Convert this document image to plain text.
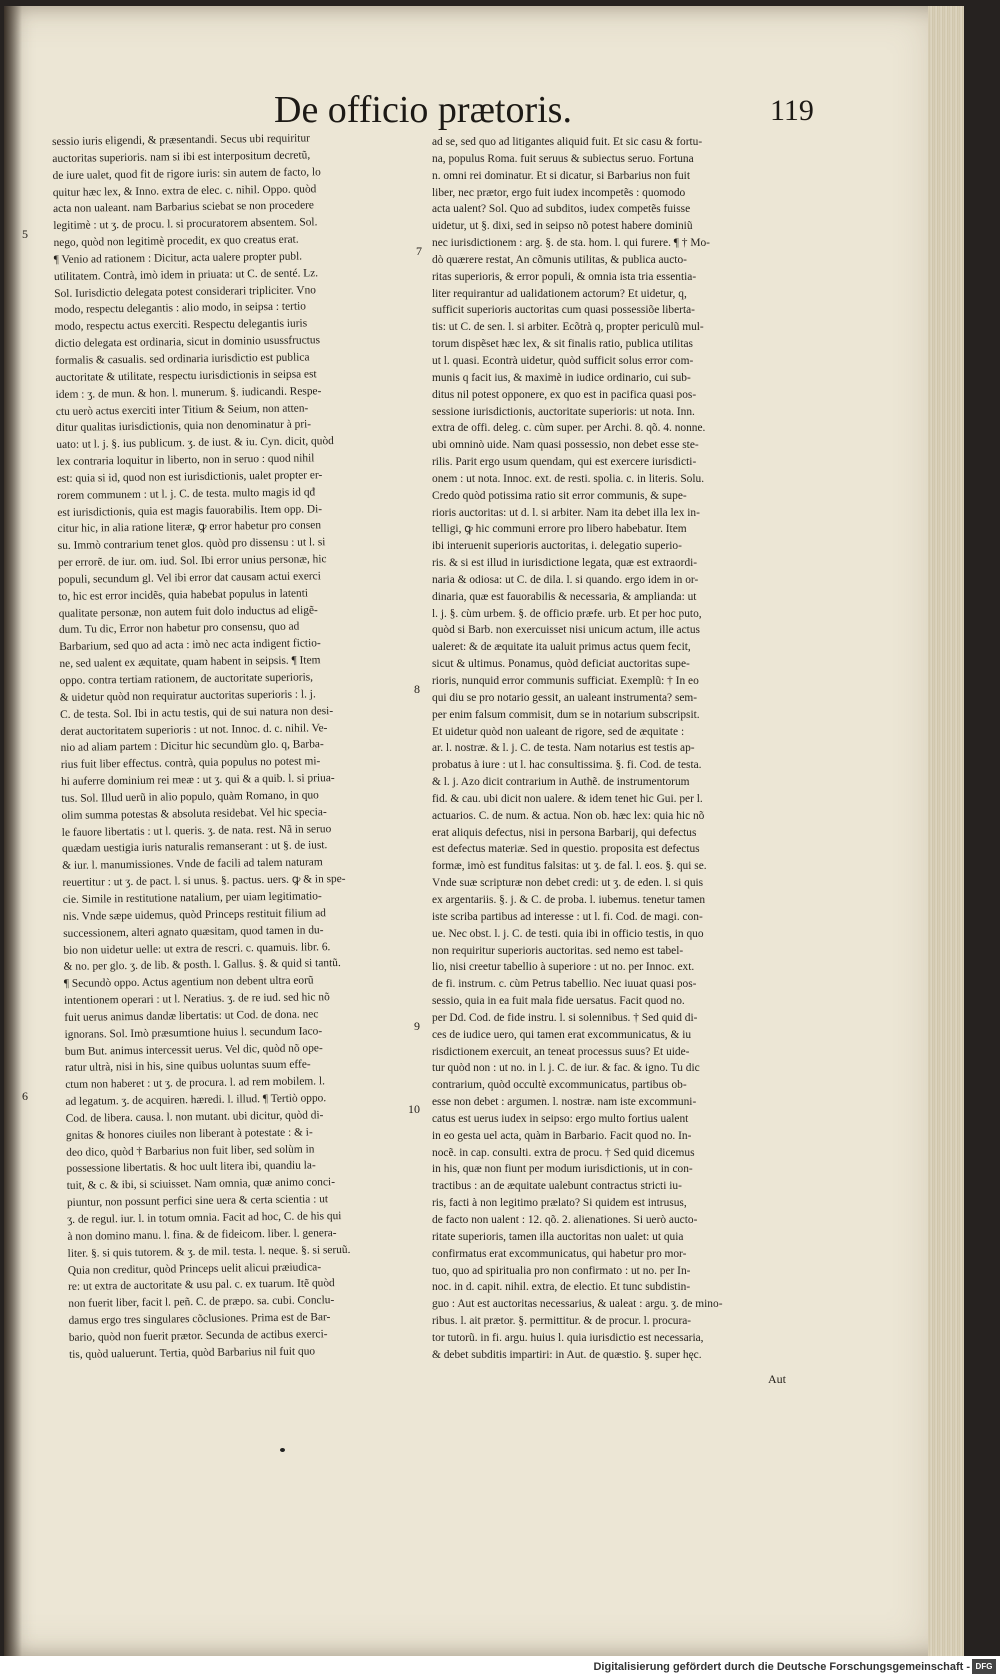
De officio prætoris.	119
sessio iuris eligendi, & præsentandi. Secus ubi requiritur
auctoritas superioris. nam si ibi est interpositum decretũ,
de iure ualet, quod fit de rigore iuris: sin autem de facto, lo
quitur hæc lex, & Inno. extra de elec. c. nihil. Oppo. quòd
acta non ualeant. nam Barbarius sciebat se non procedere
legitimè : ut ʒ. de procu. l. si procuratorem absentem. Sol.
nego, quòd non legitimè procedit, ex quo creatus erat.
¶ Venio ad rationem : Dicitur, acta ualere propter publ.
utilitatem. Contrà, imò idem in priuata: ut C. de senté. Lz.
Sol. Iurisdictio delegata potest considerari tripliciter. Vno
modo, respectu delegantis : alio modo, in seipsa : tertio
modo, respectu actus exerciti. Respectu delegantis iuris
dictio delegata est ordinaria, sicut in dominio usussfructus
formalis & casualis. sed ordinaria iurisdictio est publica
auctoritate & utilitate, respectu iurisdictionis in seipsa est
idem : ʒ. de mun. & hon. l. munerum. §. iudicandi. Respe-
ctu uerò actus exerciti inter Titium & Seium, non atten-
ditur qualitas iurisdictionis, quia non denominatur à pri-
uato: ut l. j. §. ius publicum. ʒ. de iust. & iu. Cyn. dicit, quòd
lex contraria loquitur in liberto, non in seruo : quod nihil
est: quia si id, quod non est iurisdictionis, ualet propter er-
rorem communem : ut l. j. C. de testa. multo magis id qđ
est iurisdictionis, quia est magis fauorabilis. Item opp. Di-
citur hic, in alia ratione literæ, ꝙ error habetur pro consen
su. Immò contrarium tenet glos. quòd pro dissensu : ut l. si
per errorẽ. de iur. om. iud. Sol. Ibi error unius personæ, hic
populi, secundum gl. Vel ibi error dat causam actui exerci
to, hic est error incidẽs, quia habebat populus in latenti
qualitate personæ, non autem fuit dolo inductus ad eligẽ-
dum. Tu dic, Error non habetur pro consensu, quo ad
Barbarium, sed quo ad acta : imò nec acta indigent fictio-
ne, sed ualent ex æquitate, quam habent in seipsis. ¶ Item
oppo. contra tertiam rationem, de auctoritate superioris,
& uidetur quòd non requiratur auctoritas superioris : l. j.
C. de testa. Sol. Ibi in actu testis, qui de sui natura non desi-
derat auctoritatem superioris : ut not. Innoc. d. c. nihil. Ve-
nio ad aliam partem : Dicitur hic secundùm glo. q, Barba-
rius fuit liber effectus. contrà, quia populus no potest mi-
hi auferre dominium rei meæ : ut ʒ. qui & a quib. l. si priua-
tus. Sol. Illud uerũ in alio populo, quàm Romano, in quo
olim summa potestas & absoluta residebat. Vel hic specia-
le fauore libertatis : ut l. queris. ʒ. de nata. rest. Nã in seruo
quædam uestigia iuris naturalis remanserant : ut §. de iust.
& iur. l. manumissiones. Vnde de facili ad talem naturam
reuertitur : ut ʒ. de pact. l. si unus. §. pactus. uers. ꝙ & in spe-
cie. Simile in restitutione natalium, per uiam legitimatio-
nis. Vnde sæpe uidemus, quòd Princeps restituit filium ad
successionem, alteri agnato quæsitam, quod tamen in du-
bio non uidetur uelle: ut extra de rescri. c. quamuis. libr. 6.
& no. per glo. ʒ. de lib. & posth. l. Gallus. §. & quid si tantũ.
¶ Secundò oppo. Actus agentium non debent ultra eorũ
intentionem operari : ut l. Neratius. ʒ. de re iud. sed hic nõ
fuit uerus animus dandæ libertatis: ut Cod. de dona. nec
ignorans. Sol. Imò præsumtione huius l. secundum Iaco-
bum But. animus intercessit uerus. Vel dic, quòd nõ ope-
ratur ultrà, nisi in his, sine quibus uoluntas suum effe-
ctum non haberet : ut ʒ. de procura. l. ad rem mobilem. l.
ad legatum. ʒ. de acquiren. hæredi. l. illud. ¶ Tertiò oppo.
Cod. de libera. causa. l. non mutant. ubi dicitur, quòd di-
gnitas & honores ciuiles non liberant à potestate : & i-
deo dico, quòd † Barbarius non fuit liber, sed solùm in
possessione libertatis. & hoc uult litera ibi, quandiu la-
tuit, & c. & ibi, si sciuisset. Nam omnia, quæ animo conci-
piuntur, non possunt perfici sine uera & certa scientia : ut
ʒ. de regul. iur. l. in totum omnia. Facit ad hoc, C. de his qui
à non domino manu. l. fina. & de fideicom. liber. l. genera-
liter. §. si quis tutorem. & ʒ. de mil. testa. l. neque. §. si seruũ.
Quia non creditur, quòd Princeps uelit alicui præiudica-
re: ut extra de auctoritate & usu pal. c. ex tuarum. Itẽ quòd
non fuerit liber, facit l. peñ. C. de præpo. sa. cubi. Conclu-
damus ergo tres singulares cõclusiones. Prima est de Bar-
bario, quòd non fuerit prætor. Secunda de actibus exerci-
tis, quòd ualuerunt. Tertia, quòd Barbarius nil fuit quo
ad se, sed quo ad litigantes aliquid fuit. Et sic casu & fortu-
na, populus Roma. fuit seruus & subiectus seruo. Fortuna
n. omni rei dominatur. Et si dicatur, si Barbarius non fuit
liber, nec prætor, ergo fuit iudex incompetẽs : quomodo
acta ualent? Sol. Quo ad subditos, iudex competẽs fuisse
uidetur, ut §. dixi, sed in seipso nõ potest habere dominiũ
nec iurisdictionem : arg. §. de sta. hom. l. qui furere. ¶ † Mo-
dò quærere restat, An cõmunis utilitas, & publica aucto-
ritas superioris, & error populi, & omnia ista tria essentia-
liter requirantur ad ualidationem actorum? Et uidetur, q,
sufficit superioris auctoritas cum quasi possessiõe liberta-
tis: ut C. de sen. l. si arbiter. Ecõtrà q, propter periculũ mul-
torum dispẽset hæc lex, & sit finalis ratio, publica utilitas
ut l. quasi. Econtrà uidetur, quòd sufficit solus error com-
munis q facit ius, & maximè in iudice ordinario, cui sub-
ditus nil potest opponere, ex quo est in pacifica quasi pos-
sessione iurisdictionis, auctoritate superioris: ut nota. Inn.
extra de offi. deleg. c. cùm super. per Archi. 8. qõ. 4. nonne.
ubi omninò uide. Nam quasi possessio, non debet esse ste-
rilis. Parit ergo usum quendam, qui est exercere iurisdicti-
onem : ut nota. Innoc. ext. de resti. spolia. c. in literis. Solu.
Credo quòd potissima ratio sit error communis, & supe-
rioris auctoritas: ut d. l. si arbiter. Nam ita debet illa lex in-
telligi, ꝙ hic communi errore pro libero habebatur. Item
ibi interuenit superioris auctoritas, i. delegatio superio-
ris. & si est illud in iurisdictione legata, quæ est extraordi-
naria & odiosa: ut C. de dila. l. si quando. ergo idem in or-
dinaria, quæ est fauorabilis & necessaria, & amplianda: ut
l. j. §. cùm urbem. §. de officio præfe. urb. Et per hoc puto,
quòd si Barb. non exercuisset nisi unicum actum, ille actus
ualeret: & de æquitate ita ualuit primus actus quem fecit,
sicut & ultimus. Ponamus, quòd deficiat auctoritas supe-
rioris, nunquid error communis sufficiat. Exemplũ: † In eo
qui diu se pro notario gessit, an ualeant instrumenta? sem-
per enim falsum commisit, dum se in notarium subscripsit.
Et uidetur quòd non ualeant de rigore, sed de æquitate :
ar. l. nostræ. & l. j. C. de testa. Nam notarius est testis ap-
probatus à iure : ut l. hac consultissima. §. fi. Cod. de testa.
& l. j. Azo dicit contrarium in Authẽ. de instrumentorum
fid. & cau. ubi dicit non ualere. & idem tenet hic Gui. per l.
actuarios. C. de num. & actua. Non ob. hæc lex: quia hic nõ
erat aliquis defectus, nisi in persona Barbarij, qui defectus
est defectus materiæ. Sed in questio. proposita est defectus
formæ, imò est funditus falsitas: ut ʒ. de fal. l. eos. §. qui se.
Vnde suæ scripturæ non debet credi: ut ʒ. de eden. l. si quis
ex argentariis. §. j. & C. de proba. l. iubemus. tenetur tamen
iste scriba partibus ad interesse : ut l. fi. Cod. de magi. con-
ue. Nec obst. l. j. C. de testi. quia ibi in officio testis, in quo
non requiritur superioris auctoritas. sed nemo est tabel-
lio, nisi creetur tabellio à superiore : ut no. per Innoc. ext.
de fi. instrum. c. cùm Petrus tabellio. Nec iuuat quasi pos-
sessio, quia in ea fuit mala fide uersatus. Facit quod no.
per Dd. Cod. de fide instru. l. si solennibus. † Sed quid di-
ces de iudice uero, qui tamen erat excommunicatus, & iu
risdictionem exercuit, an teneat processus suus? Et uide-
tur quòd non : ut no. in l. j. C. de iur. & fac. & igno. Tu dic
contrarium, quòd occultè excommunicatus, partibus ob-
esse non debet : argumen. l. nostræ. nam iste excommuni-
catus est uerus iudex in seipso: ergo multo fortius ualent
in eo gesta uel acta, quàm in Barbario. Facit quod no. In-
nocẽ. in cap. consulti. extra de procu. † Sed quid dicemus
in his, quæ non fiunt per modum iurisdictionis, ut in con-
tractibus : an de æquitate ualebunt contractus stricti iu-
ris, facti à non legitimo prælato? Si quidem est intrusus,
de facto non ualent : 12. qõ. 2. alienationes. Si uerò aucto-
ritate superioris, tamen illa auctoritas non ualet: ut quia
confirmatus erat excommunicatus, qui habetur pro mor-
tuo, quo ad spiritualia pro non confirmato : ut no. per In-
noc. in d. capit. nihil. extra, de electio. Et tunc subdistin-
guo : Aut est auctoritas necessarius, & ualeat : argu. ʒ. de mino-
ribus. l. ait prætor. §. permittitur. & de procur. l. procura-
tor tutorũ. in fi. argu. huius l. quia iurisdictio est necessaria,
& debet subditis impartiri: in Aut. de quæstio. §. super hęc.
5
6
7
8
9
10
Aut
Digitalisierung gefördert durch die Deutsche Forschungsgemeinschaft - DFG
